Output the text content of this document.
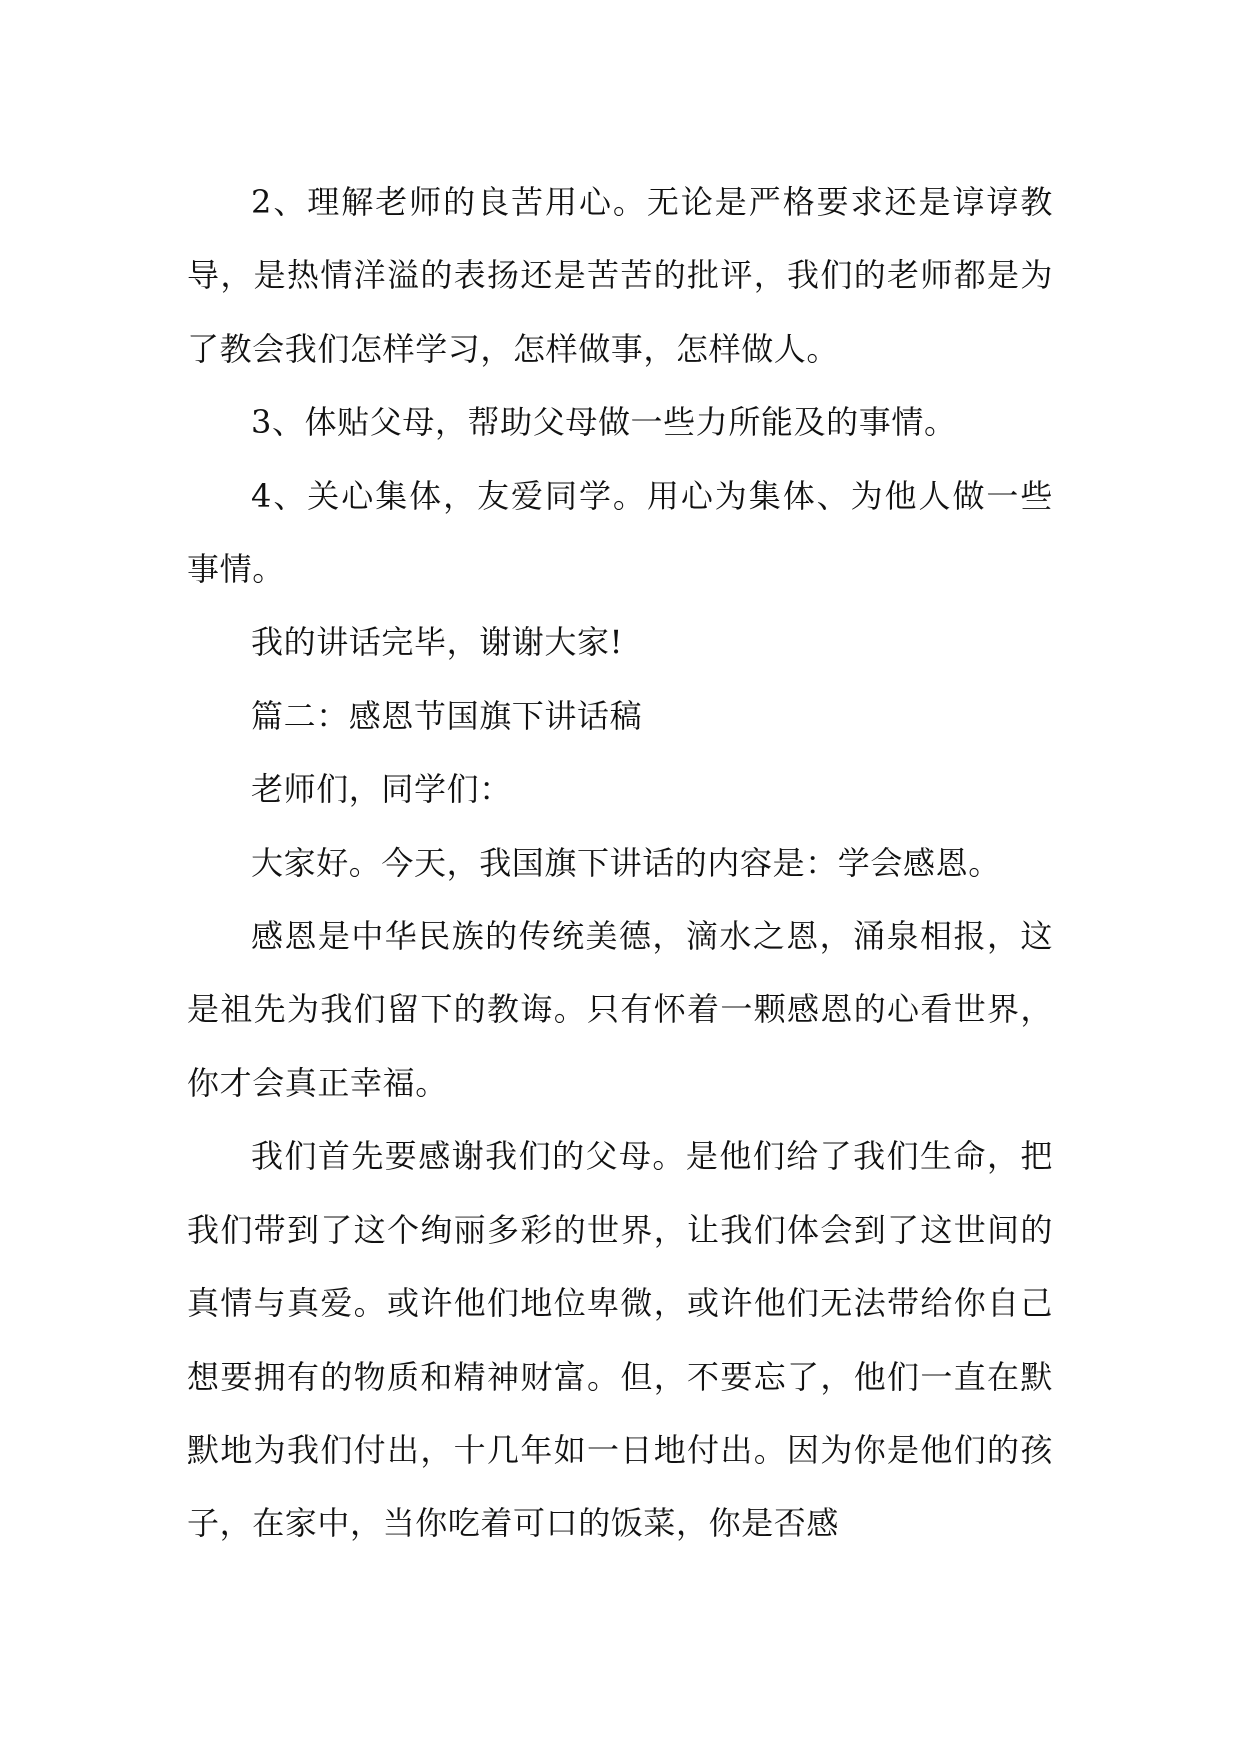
2、理解老师的良苦用心。无论是严格要求还是谆谆教导，是热情洋溢的表扬还是苦苦的批评，我们的老师都是为了教会我们怎样学习，怎样做事，怎样做人。

3、体贴父母，帮助父母做一些力所能及的事情。

4、关心集体，友爱同学。用心为集体、为他人做一些事情。

我的讲话完毕，谢谢大家!

篇二：感恩节国旗下讲话稿

老师们，同学们：

大家好。今天，我国旗下讲话的内容是：学会感恩。

感恩是中华民族的传统美德，滴水之恩，涌泉相报，这是祖先为我们留下的教诲。只有怀着一颗感恩的心看世界，你才会真正幸福。

我们首先要感谢我们的父母。是他们给了我们生命，把我们带到了这个绚丽多彩的世界，让我们体会到了这世间的真情与真爱。或许他们地位卑微，或许他们无法带给你自己想要拥有的物质和精神财富。但，不要忘了，他们一直在默默地为我们付出，十几年如一日地付出。因为你是他们的孩子，在家中，当你吃着可口的饭菜，你是否感
